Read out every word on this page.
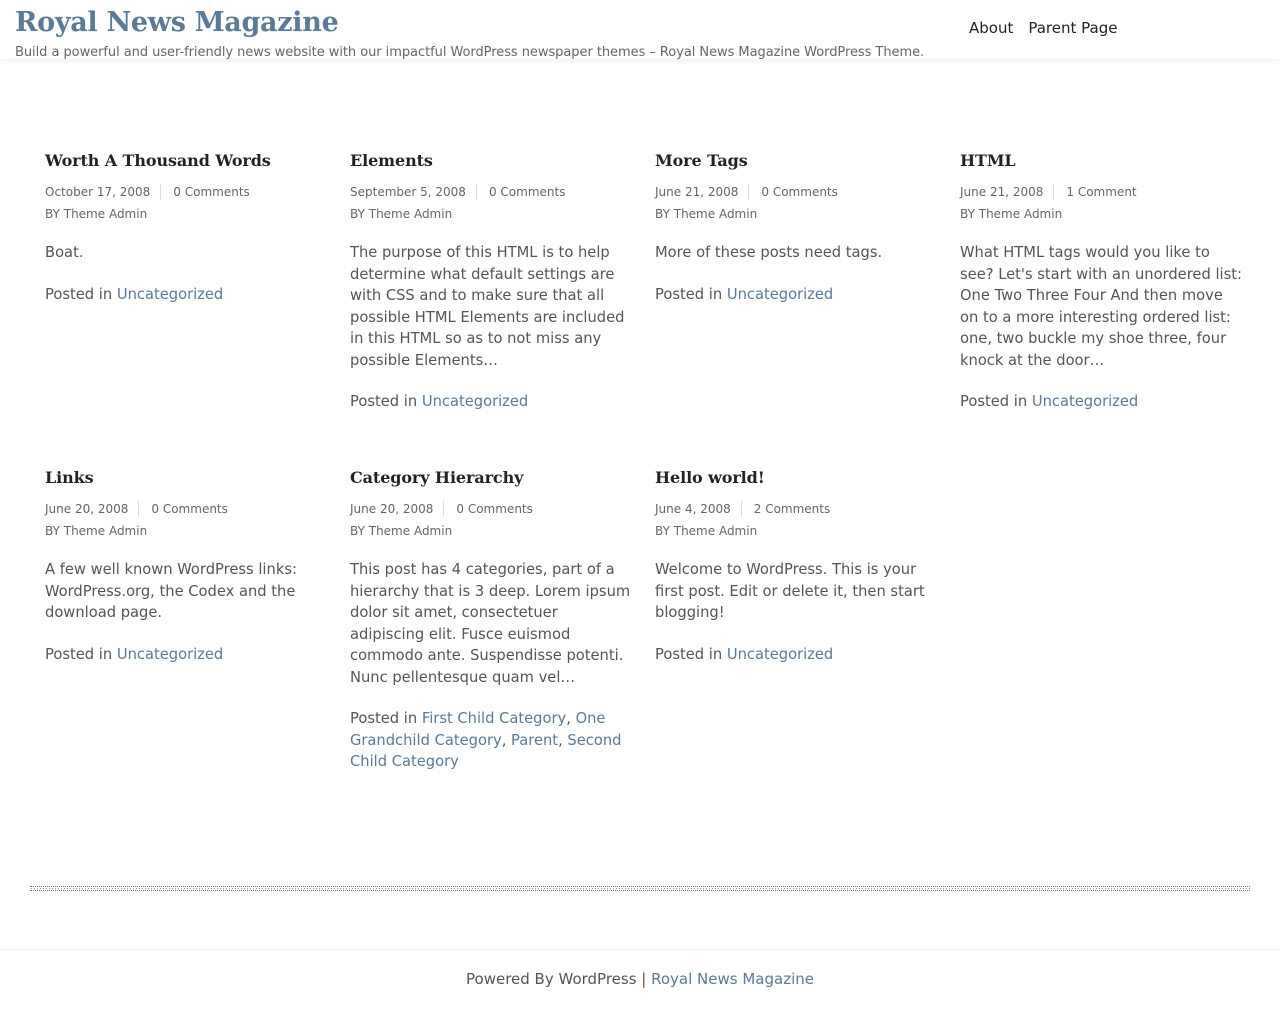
Royal News Magazine
Build a powerful and user-friendly news website with our impactful WordPress newspaper themes – Royal News Magazine WordPress Theme.
About Parent Page
Worth A Thousand Words
October 17, 2008 0 Comments
BY Theme Admin

Boat.

Posted in Uncategorized
Elements
September 5, 2008 0 Comments
BY Theme Admin

The purpose of this HTML is to help determine what default settings are with CSS and to make sure that all possible HTML Elements are included in this HTML so as to not miss any possible Elements…

Posted in Uncategorized
More Tags
June 21, 2008 0 Comments
BY Theme Admin

More of these posts need tags.

Posted in Uncategorized
HTML
June 21, 2008 1 Comment
BY Theme Admin

What HTML tags would you like to see? Let's start with an unordered list: One Two Three Four And then move on to a more interesting ordered list: one, two buckle my shoe three, four knock at the door…

Posted in Uncategorized
Links
June 20, 2008 0 Comments
BY Theme Admin

A few well known WordPress links: WordPress.org, the Codex and the download page.

Posted in Uncategorized
Category Hierarchy
June 20, 2008 0 Comments
BY Theme Admin

This post has 4 categories, part of a hierarchy that is 3 deep. Lorem ipsum dolor sit amet, consectetuer adipiscing elit. Fusce euismod commodo ante. Suspendisse potenti. Nunc pellentesque quam vel…

Posted in First Child Category, One Grandchild Category, Parent, Second Child Category
Hello world!
June 4, 2008 2 Comments
BY Theme Admin

Welcome to WordPress. This is your first post. Edit or delete it, then start blogging!

Posted in Uncategorized
Powered By WordPress | Royal News Magazine
